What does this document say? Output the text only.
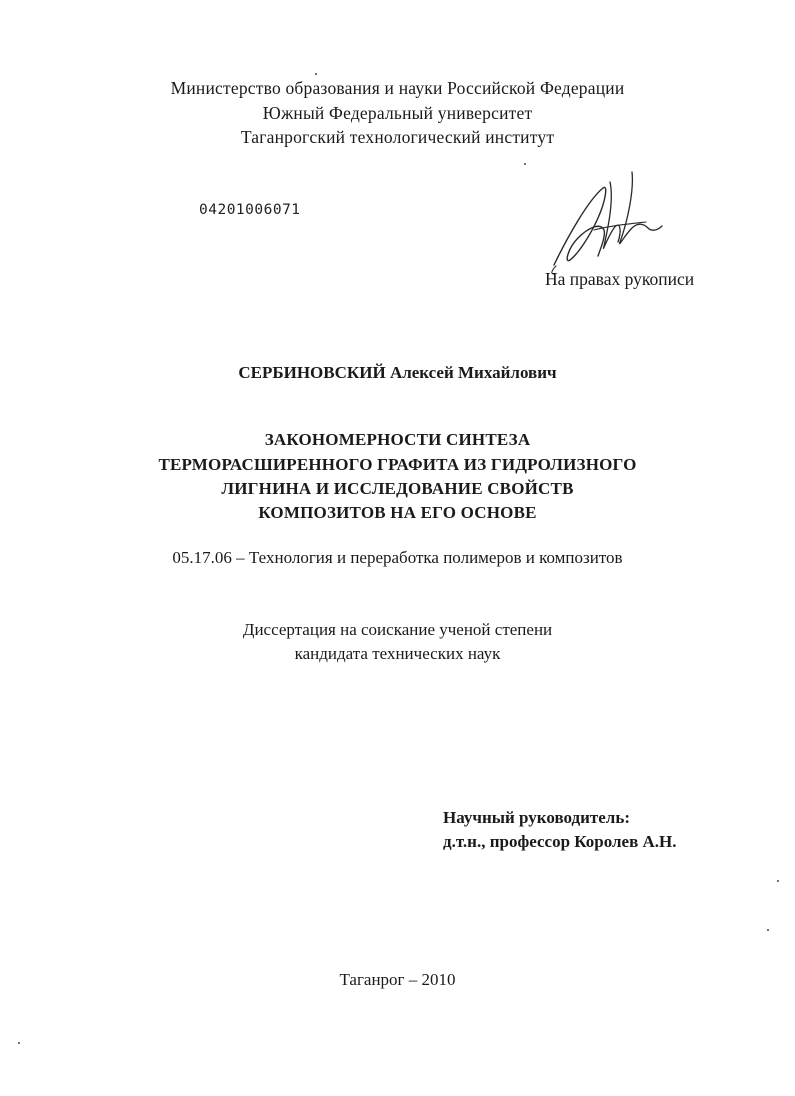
Министерство образования и науки Российской Федерации
Южный Федеральный университет
Таганрогский технологический институт
04201006071
На правах рукописи
СЕРБИНОВСКИЙ Алексей Михайлович
ЗАКОНОМЕРНОСТИ СИНТЕЗА
ТЕРМОРАСШИРЕННОГО ГРАФИТА ИЗ ГИДРОЛИЗНОГО
ЛИГНИНА И ИССЛЕДОВАНИЕ СВОЙСТВ
КОМПОЗИТОВ НА ЕГО ОСНОВЕ
05.17.06 – Технология и переработка полимеров и композитов
Диссертация на соискание ученой степени
кандидата технических наук
Научный руководитель:
д.т.н., профессор Королев А.Н.
Таганрог – 2010
